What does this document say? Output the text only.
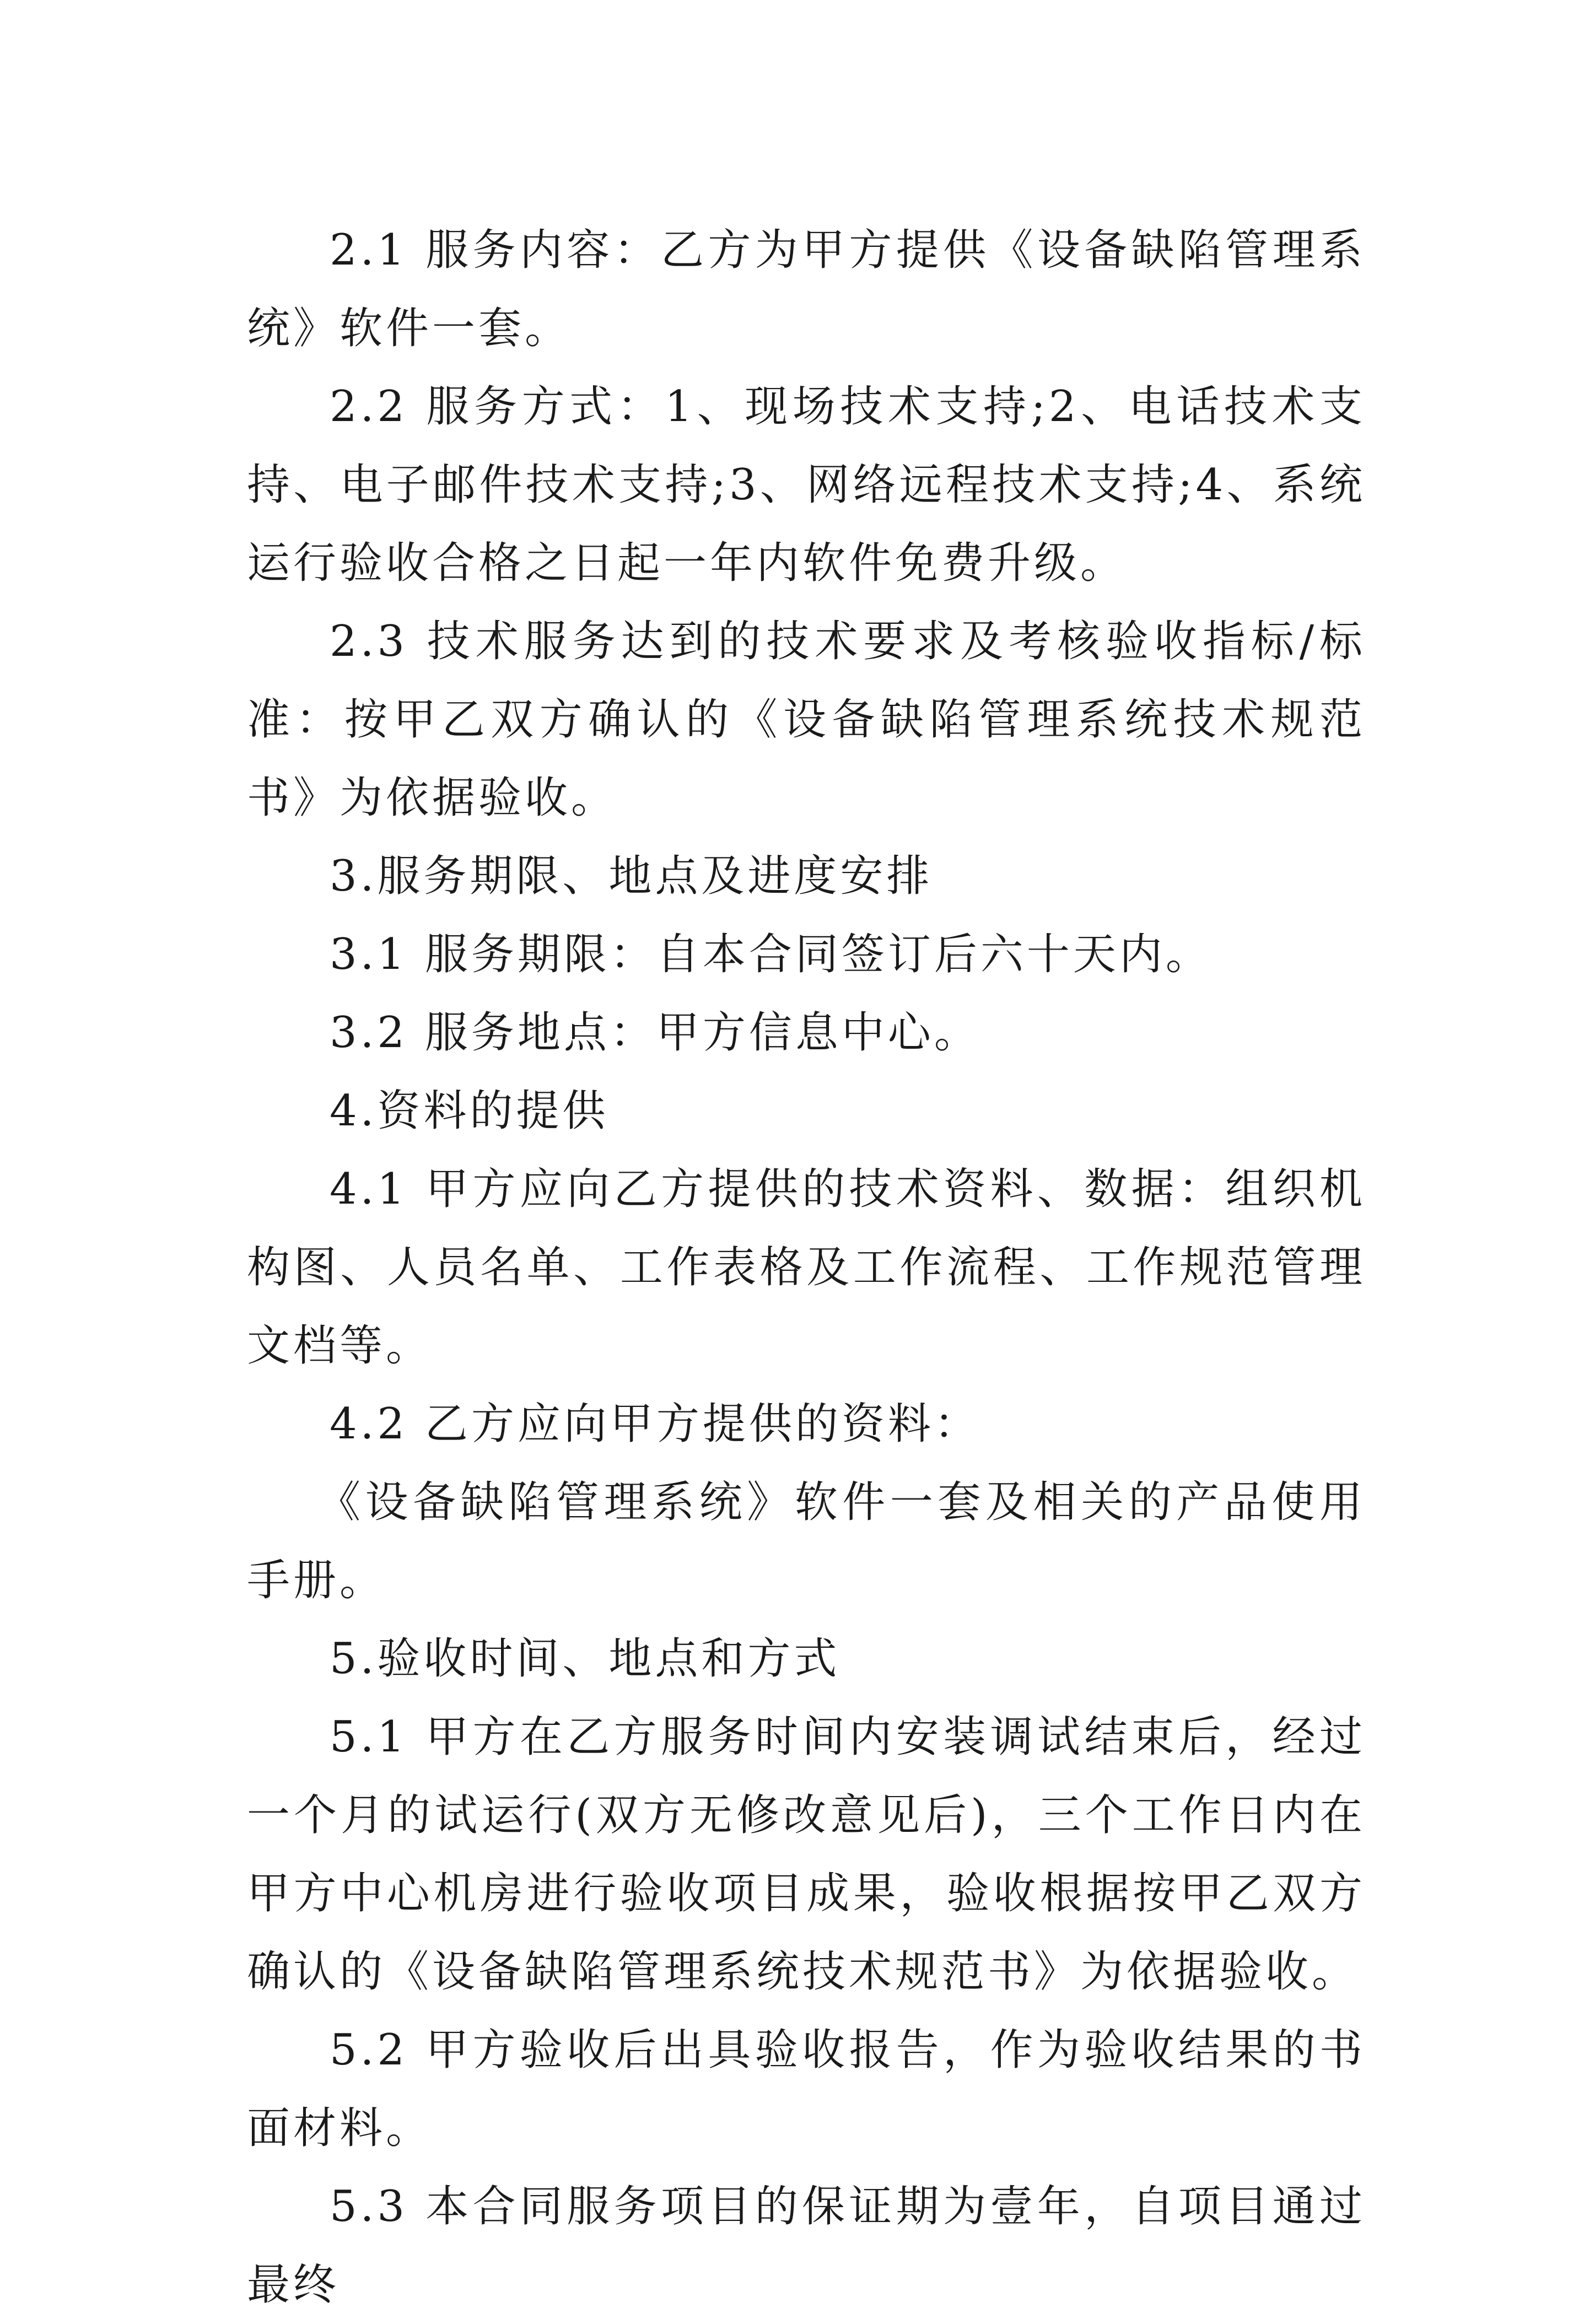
2.1 服务内容：乙方为甲方提供《设备缺陷管理系统》软件一套。

2.2 服务方式：1、现场技术支持;2、电话技术支持、电子邮件技术支持;3、网络远程技术支持;4、系统运行验收合格之日起一年内软件免费升级。

2.3 技术服务达到的技术要求及考核验收指标/标准：按甲乙双方确认的《设备缺陷管理系统技术规范书》为依据验收。

3.服务期限、地点及进度安排

3.1 服务期限：自本合同签订后六十天内。

3.2 服务地点：甲方信息中心。

4.资料的提供

4.1 甲方应向乙方提供的技术资料、数据：组织机构图、人员名单、工作表格及工作流程、工作规范管理文档等。

4.2 乙方应向甲方提供的资料：

《设备缺陷管理系统》软件一套及相关的产品使用手册。

5.验收时间、地点和方式

5.1 甲方在乙方服务时间内安装调试结束后，经过一个月的试运行(双方无修改意见后)，三个工作日内在甲方中心机房进行验收项目成果，验收根据按甲乙双方确认的《设备缺陷管理系统技术规范书》为依据验收。

5.2 甲方验收后出具验收报告，作为验收结果的书面材料。

5.3 本合同服务项目的保证期为壹年，自项目通过最终
